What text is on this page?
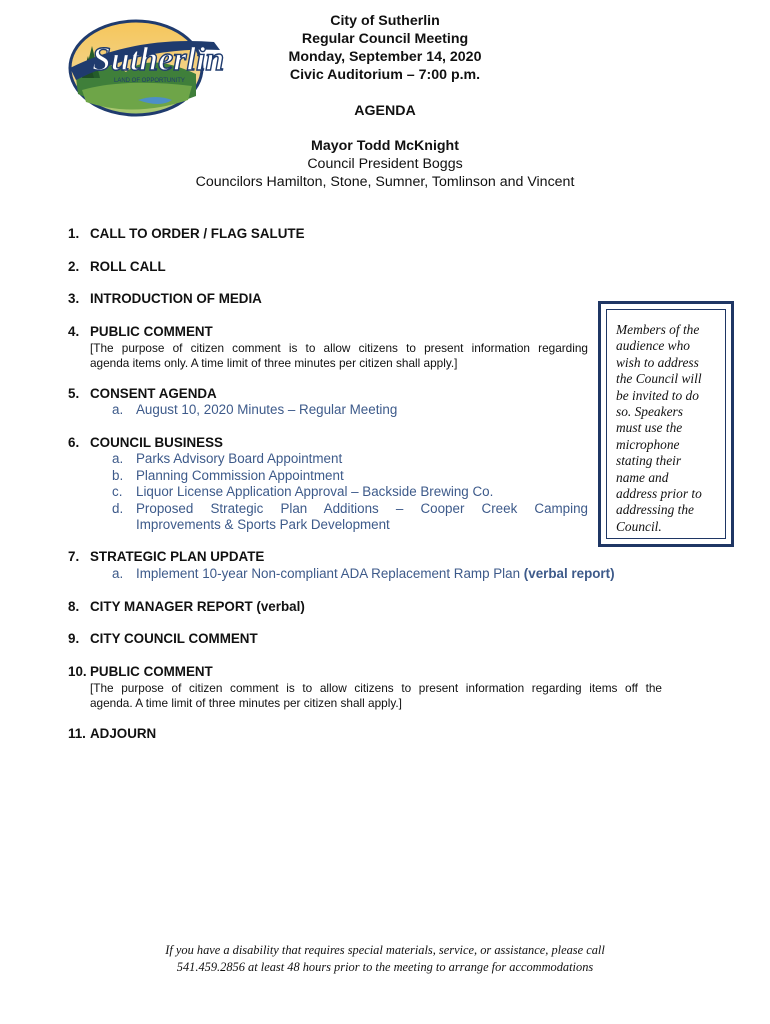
Sutherlin
LAND OF OPPORTUNITY
City of Sutherlin
Regular Council Meeting
Monday, September 14, 2020
Civic Auditorium – 7:00 p.m.
AGENDA
Mayor Todd McKnight
Council President Boggs
Councilors Hamilton, Stone, Sumner, Tomlinson and Vincent
1. CALL TO ORDER / FLAG SALUTE
2. ROLL CALL
3. INTRODUCTION OF MEDIA
4. PUBLIC COMMENT
[The purpose of citizen comment is to allow citizens to present information regarding
agenda items only. A time limit of three minutes per citizen shall apply.]
5. CONSENT AGENDA
a. August 10, 2020 Minutes – Regular Meeting
6. COUNCIL BUSINESS
a. Parks Advisory Board Appointment
b. Planning Commission Appointment
c. Liquor License Application Approval – Backside Brewing Co.
d. Proposed Strategic Plan Additions – Cooper Creek Camping
Improvements & Sports Park Development
7. STRATEGIC PLAN UPDATE
a. Implement 10-year Non-compliant ADA Replacement Ramp Plan (verbal report)
8. CITY MANAGER REPORT (verbal)
9. CITY COUNCIL COMMENT
10. PUBLIC COMMENT
[The purpose of citizen comment is to allow citizens to present information regarding items off the
agenda. A time limit of three minutes per citizen shall apply.]
11. ADJOURN
Members of the
audience who
wish to address
the Council will
be invited to do
so. Speakers
must use the
microphone
stating their
name and
address prior to
addressing the
Council.
If you have a disability that requires special materials, service, or assistance, please call
541.459.2856 at least 48 hours prior to the meeting to arrange for accommodations
